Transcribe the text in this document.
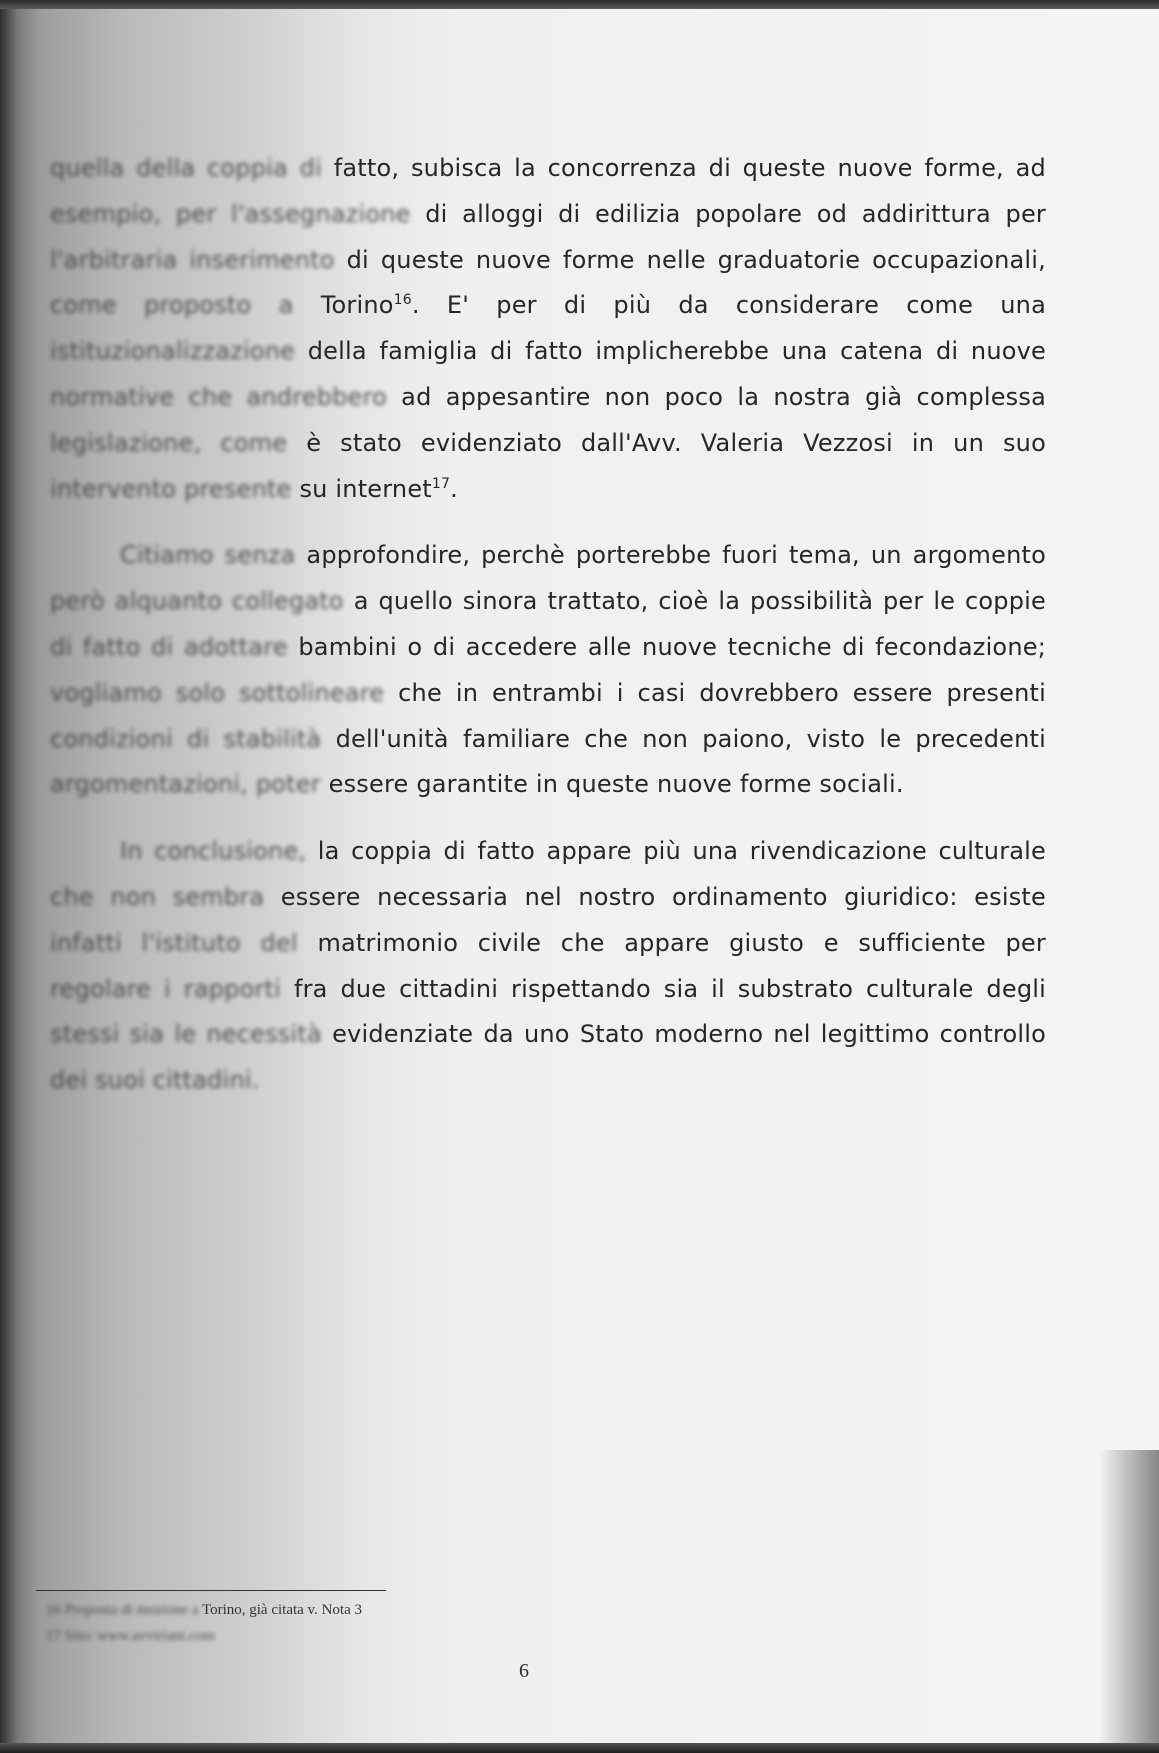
quella della coppia di fatto, subisca la concorrenza di queste nuove forme, ad
esempio, per l'assegnazione di alloggi di edilizia popolare od addirittura per
l'arbitraria inserimento di queste nuove forme nelle graduatorie occupazionali,
come proposto a Torino$^{16}$. E' per di più da considerare come una
istituzionalizzazione della famiglia di fatto implicherebbe una catena di nuove
normative che andrebbero ad appesantire non poco la nostra già complessa
legislazione, come è stato evidenziato dall'Avv. Valeria Vezzosi in un suo
intervento presente su internet$^{17}$.
Citiamo senza approfondire, perchè porterebbe fuori tema, un argomento
però alquanto collegato a quello sinora trattato, cioè la possibilità per le coppie
di fatto di adottare bambini o di accedere alle nuove tecniche di fecondazione;
vogliamo solo sottolineare che in entrambi i casi dovrebbero essere presenti
condizioni di stabilità dell'unità familiare che non paiono, visto le precedenti
argomentazioni, poter essere garantite in queste nuove forme sociali.
In conclusione, la coppia di fatto appare più una rivendicazione culturale
che non sembra essere necessaria nel nostro ordinamento giuridico: esiste
infatti l'istituto del matrimonio civile che appare giusto e sufficiente per
regolare i rapporti fra due cittadini rispettando sia il substrato culturale degli
stessi sia le necessità evidenziate da uno Stato moderno nel legittimo controllo
dei suoi cittadini.
16 Proposta di mozione a Torino, già citata v. Nota 3
17 Sito: www.avvtriani.com
6
